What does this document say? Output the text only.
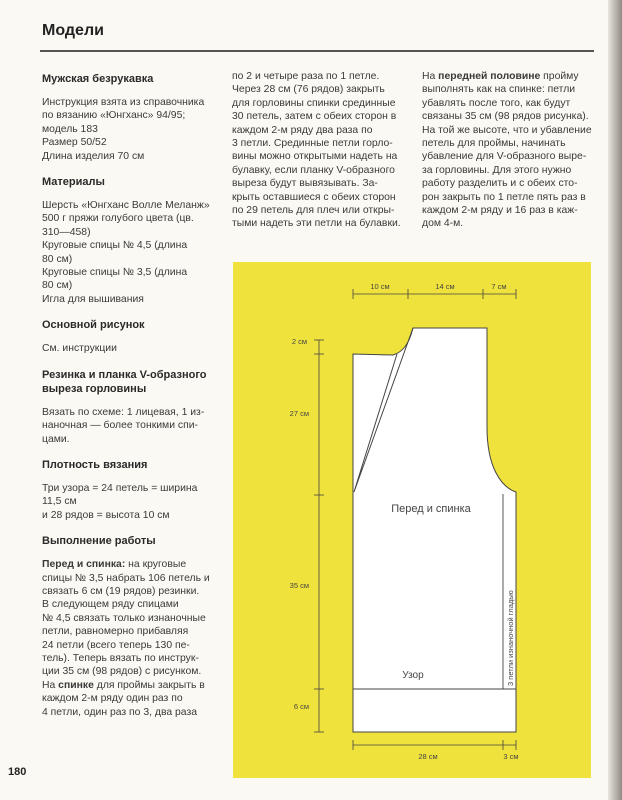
Модели
Мужская безрукавка
Инструкция взята из справочника
по вязанию «Юнгханс» 94/95;
модель 183
Размер 50/52
Длина изделия 70 см
Материалы
Шерсть «Юнгханс Волле Меланж»
500 г пряжи голубого цвета (цв.
310—458)
Круговые спицы № 4,5 (длина
80 см)
Круговые спицы № 3,5 (длина
80 см)
Игла для вышивания
Основной рисунок
См. инструкции
Резинка и планка V-образного
выреза горловины
Вязать по схеме: 1 лицевая, 1 из-
наночная — более тонкими спи-
цами.
Плотность вязания
Три узора = 24 петель = ширина
11,5 см
и 28 рядов = высота 10 см
Выполнение работы
Перед и спинка: на круговые
спицы № 3,5 набрать 106 петель и
связать 6 см (19 рядов) резинки.
В следующем ряду спицами
№ 4,5 связать только изнаночные
петли, равномерно прибавляя
24 петли (всего теперь 130 пе-
тель). Теперь вязать по инструк-
ции 35 см (98 рядов) с рисунком.
На спинке для проймы закрыть в
каждом 2-м ряду один раз по
4 петли, один раз по 3, два раза
по 2 и четыре раза по 1 петле.
Через 28 см (76 рядов) закрыть
для горловины спинки срединные
30 петель, затем с обеих сторон в
каждом 2-м ряду два раза по
3 петли. Срединные петли горло-
вины можно открытыми надеть на
булавку, если планку V-образного
выреза будут вывязывать. За-
крыть оставшиеся с обеих сторон
по 29 петель для плеч или откры-
тыми надеть эти петли на булавки.
На передней половине пройму
выполнять как на спинке: петли
убавлять после того, как будут
связаны 35 см (98 рядов рисунка).
На той же высоте, что и убавление
петель для проймы, начинать
убавление для V-образного выре-
за горловины. Для этого нужно
работу разделить и с обеих сто-
рон закрыть по 1 петле пять раз в
каждом 2-м ряду и 16 раз в каж-
дом 4-м.
10 см	14 см	7 см
2 см
27 см
35 см
6 см
Перед и спинка
Узор	3 петли изнаночной гладью
28 см	3 см
180
